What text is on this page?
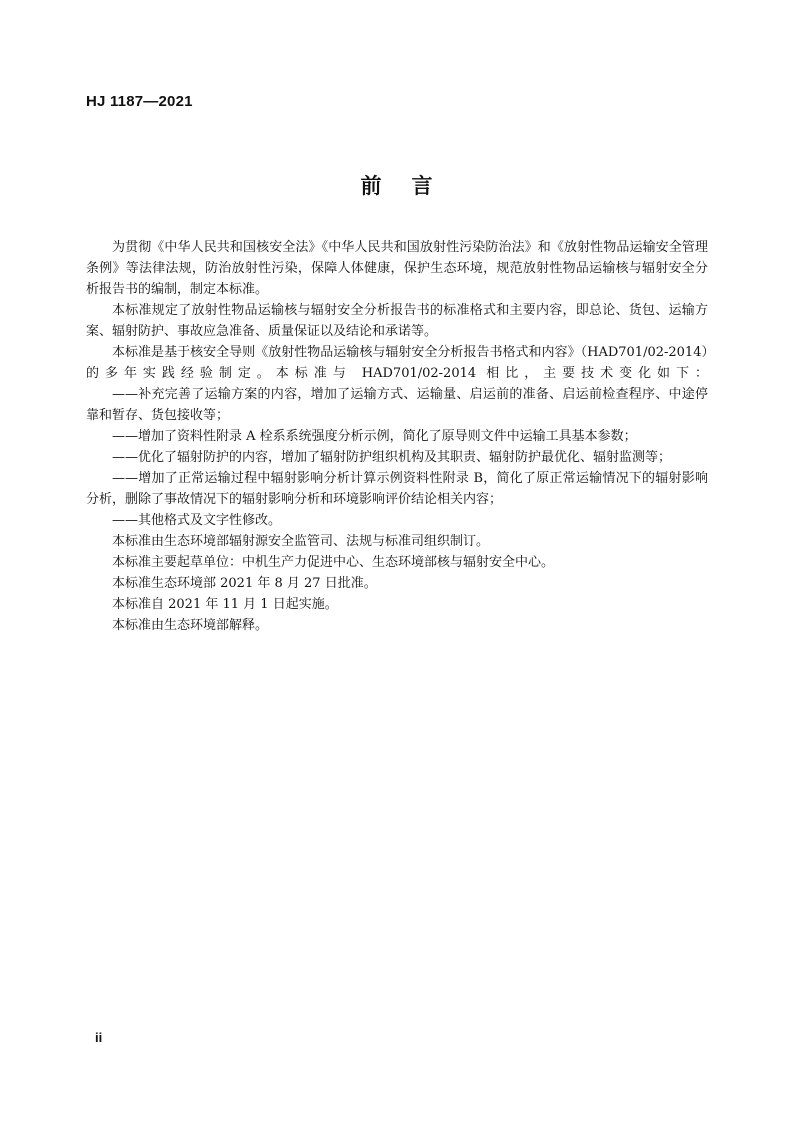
HJ 1187—2021
前言

为贯彻《中华人民共和国核安全法》《中华人民共和国放射性污染防治法》和《放射性物品运输安全管理条例》等法律法规，防治放射性污染，保障人体健康，保护生态环境，规范放射性物品运输核与辐射安全分析报告书的编制，制定本标准。

本标准规定了放射性物品运输核与辐射安全分析报告书的标准格式和主要内容，即总论、货包、运输方案、辐射防护、事故应急准备、质量保证以及结论和承诺等。

本标准是基于核安全导则《放射性物品运输核与辐射安全分析报告书格式和内容》（HAD701/02-2014）的多年实践经验制定。本标准与 HAD701/02-2014 相比，主要技术变化如下：

——补充完善了运输方案的内容，增加了运输方式、运输量、启运前的准备、启运前检查程序、中途停靠和暂存、货包接收等；

——增加了资料性附录 A 栓系系统强度分析示例，简化了原导则文件中运输工具基本参数；

——优化了辐射防护的内容，增加了辐射防护组织机构及其职责、辐射防护最优化、辐射监测等；

——增加了正常运输过程中辐射影响分析计算示例资料性附录 B，简化了原正常运输情况下的辐射影响分析，删除了事故情况下的辐射影响分析和环境影响评价结论相关内容；

——其他格式及文字性修改。

本标准由生态环境部辐射源安全监管司、法规与标准司组织制订。

本标准主要起草单位：中机生产力促进中心、生态环境部核与辐射安全中心。

本标准生态环境部 2021 年 8 月 27 日批准。

本标准自 2021 年 11 月 1 日起实施。

本标准由生态环境部解释。

ii
